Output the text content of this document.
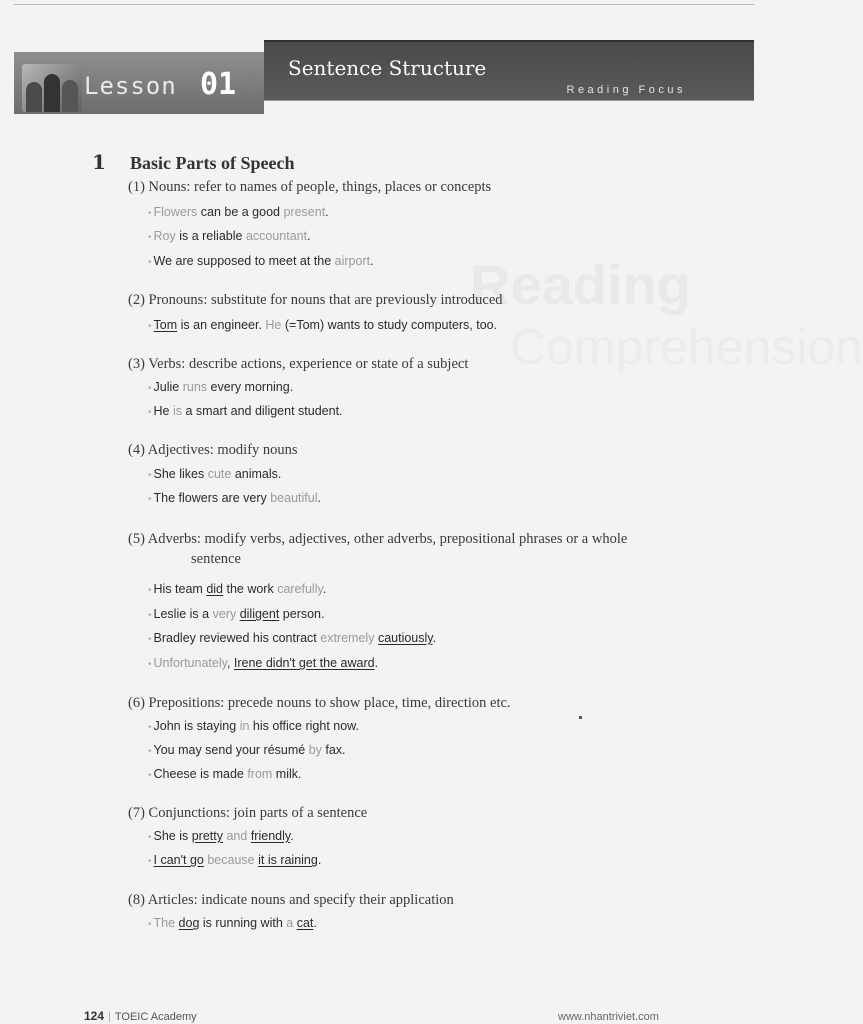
Lesson 01	Sentence Structure
Reading Focus
Reading
Comprehension
1 Basic Parts of Speech
(1) Nouns: refer to names of people, things, places or concepts
• Flowers can be a good present.
• Roy is a reliable accountant.
• We are supposed to meet at the airport.
(2) Pronouns: substitute for nouns that are previously introduced
• Tom is an engineer. He (=Tom) wants to study computers, too.
(3) Verbs: describe actions, experience or state of a subject
• Julie runs every morning.
• He is a smart and diligent student.
(4) Adjectives: modify nouns
• She likes cute animals.
• The flowers are very beautiful.
(5) Adverbs: modify verbs, adjectives, other adverbs, prepositional phrases or a whole
sentence
• His team did the work carefully.
• Leslie is a very diligent person.
• Bradley reviewed his contract extremely cautiously.
• Unfortunately, Irene didn't get the award.
(6) Prepositions: precede nouns to show place, time, direction etc.
• John is staying in his office right now.
• You may send your résumé by fax.
• Cheese is made from milk.
(7) Conjunctions: join parts of a sentence
• She is pretty and friendly.
• I can't go because it is raining.
(8) Articles: indicate nouns and specify their application
• The dog is running with a cat.
124 | TOEIC Academy	www.nhantriviet.com
